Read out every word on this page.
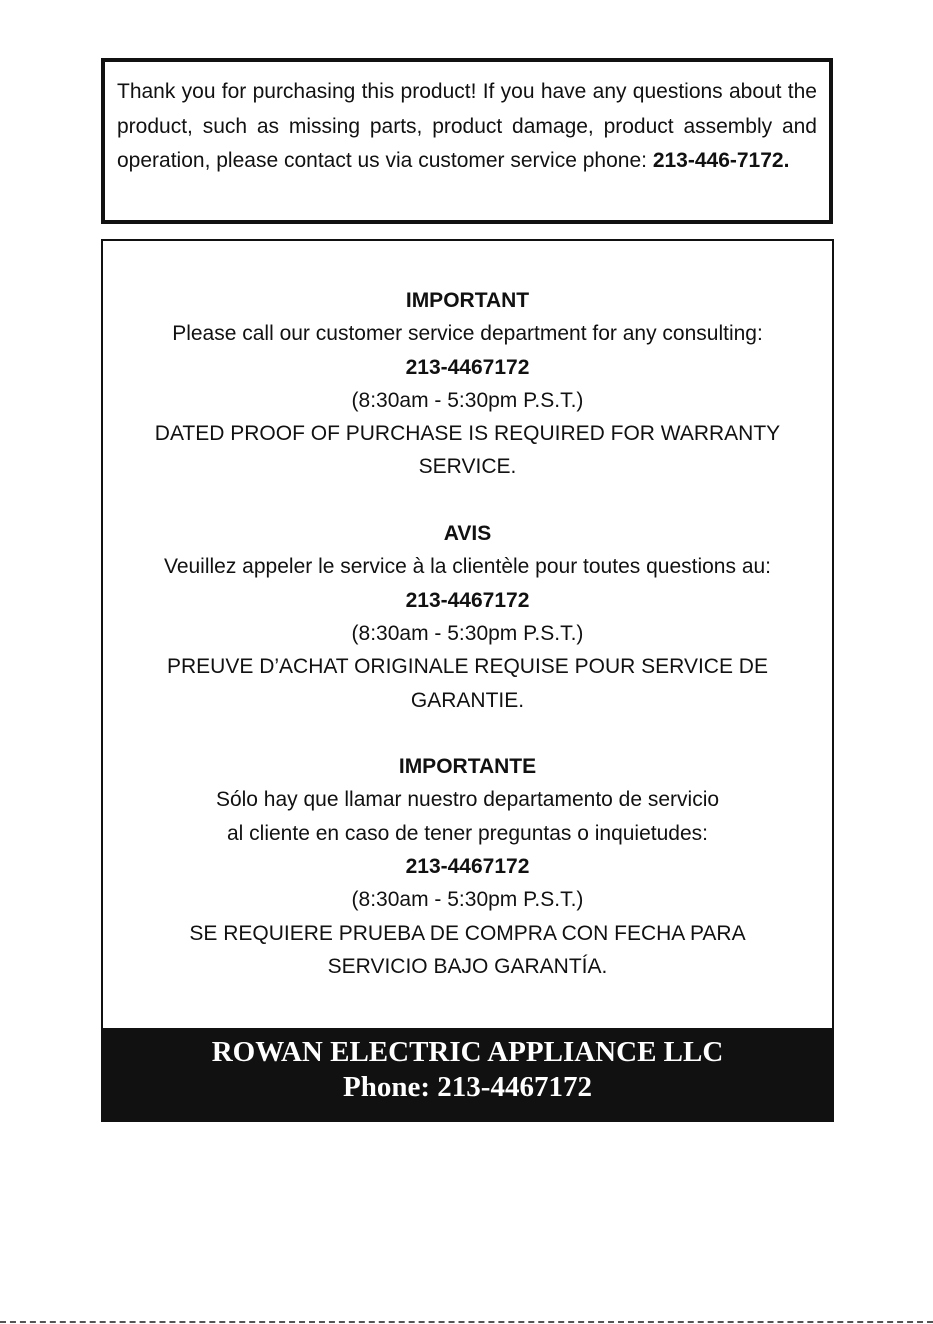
Thank you for purchasing this product! If you have any questions about the product, such as missing parts, product damage, product assembly and operation, please contact us via customer service phone: 213-446-7172.

IMPORTANT
Please call our customer service department for any consulting:
213-4467172
(8:30am - 5:30pm P.S.T.)
DATED PROOF OF PURCHASE IS REQUIRED FOR WARRANTY
SERVICE.
AVIS
Veuillez appeler le service à la clientèle pour toutes questions au:
213-4467172
(8:30am - 5:30pm P.S.T.)
PREUVE D’ACHAT ORIGINALE REQUISE POUR SERVICE DE
GARANTIE.
IMPORTANTE
Sólo hay que llamar nuestro departamento de servicio
al cliente en caso de tener preguntas o inquietudes:
213-4467172
(8:30am - 5:30pm P.S.T.)
SE REQUIERE PRUEBA DE COMPRA CON FECHA PARA
SERVICIO BAJO GARANTÍA.
ROWAN ELECTRIC APPLIANCE LLC
Phone: 213-4467172
